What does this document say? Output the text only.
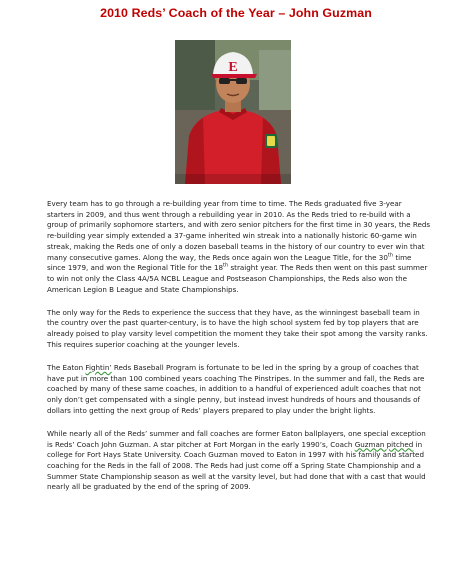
2010 Reds’ Coach of the Year – John Guzman
E

Every team has to go through a re-building year from time to time. The Reds graduated five 3-year starters in 2009, and thus went through a rebuilding year in 2010. As the Reds tried to re-build with a group of primarily sophomore starters, and with zero senior pitchers for the first time in 30 years, the Reds re-building year simply extended a 37-game inherited win streak into a nationally historic 60-game win streak, making the Reds one of only a dozen baseball teams in the history of our country to ever win that many consecutive games. Along the way, the Reds once again won the League Title, for the 30th time since 1979, and won the Regional Title for the 18th straight year. The Reds then went on this past summer to win not only the Class 4A/5A NCBL League and Postseason Championships, the Reds also won the American Legion B League and State Championships.

The only way for the Reds to experience the success that they have, as the winningest baseball team in the country over the past quarter-century, is to have the high school system fed by top players that are already poised to play varsity level competition the moment they take their spot among the varsity ranks. This requires superior coaching at the younger levels.

The Eaton Fightin’ Reds Baseball Program is fortunate to be led in the spring by a group of coaches that have put in more than 100 combined years coaching The Pinstripes. In the summer and fall, the Reds are coached by many of these same coaches, in addition to a handful of experienced adult coaches that not only don’t get compensated with a single penny, but instead invest hundreds of hours and thousands of dollars into getting the next group of Reds’ players prepared to play under the bright lights.

While nearly all of the Reds’ summer and fall coaches are former Eaton ballplayers, one special exception is Reds’ Coach John Guzman. A star pitcher at Fort Morgan in the early 1990’s, Coach Guzman pitched in college for Fort Hays State University. Coach Guzman moved to Eaton in 1997 with his family and started coaching for the Reds in the fall of 2008. The Reds had just come off a Spring State Championship and a Summer State Championship season as well at the varsity level, but had done that with a cast that would nearly all be graduated by the end of the spring of 2009.
